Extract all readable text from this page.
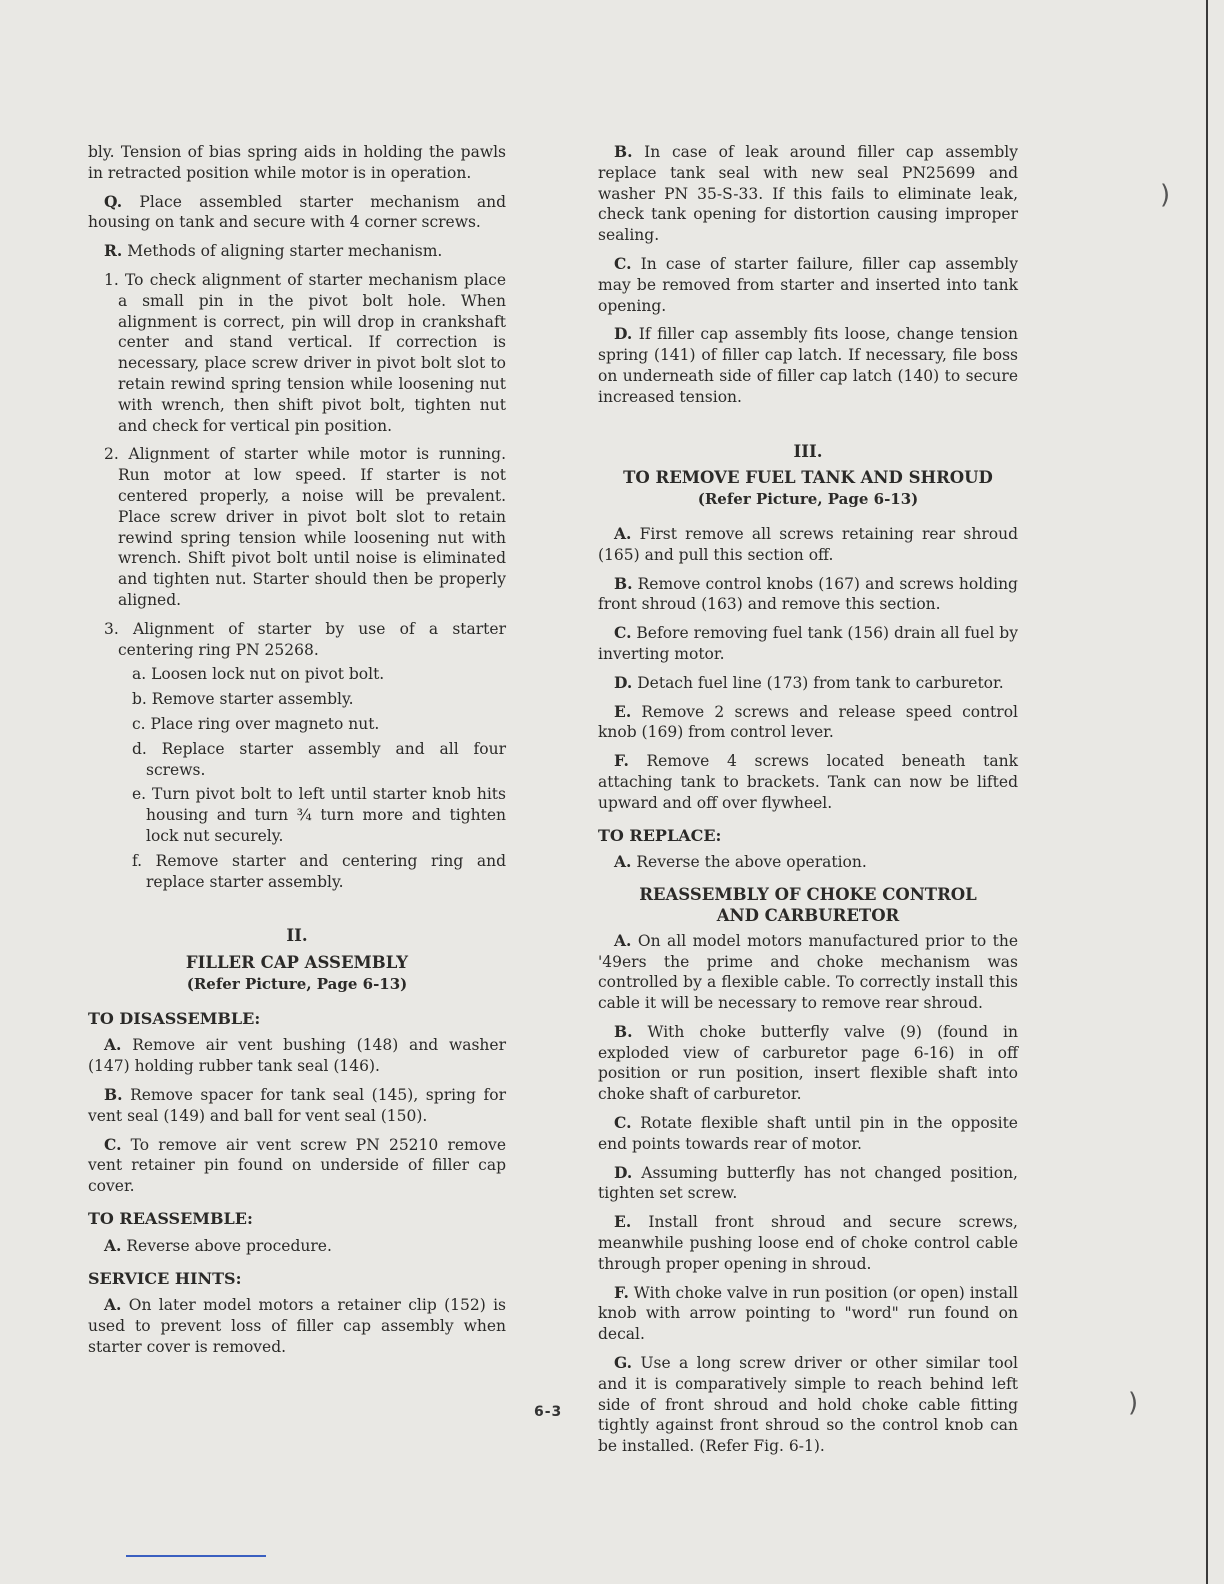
bly. Tension of bias spring aids in holding the pawls in retracted position while motor is in operation.

Q. Place assembled starter mechanism and housing on tank and secure with 4 corner screws.

R. Methods of aligning starter mechanism.

1. To check alignment of starter mechanism place a small pin in the pivot bolt hole. When alignment is correct, pin will drop in crankshaft center and stand vertical. If correction is necessary, place screw driver in pivot bolt slot to retain rewind spring tension while loosening nut with wrench, then shift pivot bolt, tighten nut and check for vertical pin position.

2. Alignment of starter while motor is running. Run motor at low speed. If starter is not centered properly, a noise will be prevalent. Place screw driver in pivot bolt slot to retain rewind spring tension while loosening nut with wrench. Shift pivot bolt until noise is eliminated and tighten nut. Starter should then be properly aligned.

3. Alignment of starter by use of a starter centering ring PN 25268.

a. Loosen lock nut on pivot bolt.

b. Remove starter assembly.

c. Place ring over magneto nut.

d. Replace starter assembly and all four screws.

e. Turn pivot bolt to left until starter knob hits housing and turn ¾ turn more and tighten lock nut securely.

f. Remove starter and centering ring and replace starter assembly.

II.

FILLER CAP ASSEMBLY

(Refer Picture, Page 6-13)

TO DISASSEMBLE:

A. Remove air vent bushing (148) and washer (147) holding rubber tank seal (146).

B. Remove spacer for tank seal (145), spring for vent seal (149) and ball for vent seal (150).

C. To remove air vent screw PN 25210 remove vent retainer pin found on underside of filler cap cover.

TO REASSEMBLE:

A. Reverse above procedure.

SERVICE HINTS:

A. On later model motors a retainer clip (152) is used to prevent loss of filler cap assembly when starter cover is removed.

B. In case of leak around filler cap assembly replace tank seal with new seal PN25699 and washer PN 35-S-33. If this fails to eliminate leak, check tank opening for distortion causing improper sealing.

C. In case of starter failure, filler cap assembly may be removed from starter and inserted into tank opening.

D. If filler cap assembly fits loose, change tension spring (141) of filler cap latch. If necessary, file boss on underneath side of filler cap latch (140) to secure increased tension.

III.

TO REMOVE FUEL TANK AND SHROUD

(Refer Picture, Page 6-13)

A. First remove all screws retaining rear shroud (165) and pull this section off.

B. Remove control knobs (167) and screws holding front shroud (163) and remove this section.

C. Before removing fuel tank (156) drain all fuel by inverting motor.

D. Detach fuel line (173) from tank to carburetor.

E. Remove 2 screws and release speed control knob (169) from control lever.

F. Remove 4 screws located beneath tank attaching tank to brackets. Tank can now be lifted upward and off over flywheel.

TO REPLACE:

A. Reverse the above operation.

REASSEMBLY OF CHOKE CONTROL

AND CARBURETOR

A. On all model motors manufactured prior to the '49ers the prime and choke mechanism was controlled by a flexible cable. To correctly install this cable it will be necessary to remove rear shroud.

B. With choke butterfly valve (9) (found in exploded view of carburetor page 6-16) in off position or run position, insert flexible shaft into choke shaft of carburetor.

C. Rotate flexible shaft until pin in the opposite end points towards rear of motor.

D. Assuming butterfly has not changed position, tighten set screw.

E. Install front shroud and secure screws, meanwhile pushing loose end of choke control cable through proper opening in shroud.

F. With choke valve in run position (or open) install knob with arrow pointing to "word" run found on decal.

G. Use a long screw driver or other similar tool and it is comparatively simple to reach behind left side of front shroud and hold choke cable fitting tightly against front shroud so the control knob can be installed. (Refer Fig. 6-1).

6-3
)
)
